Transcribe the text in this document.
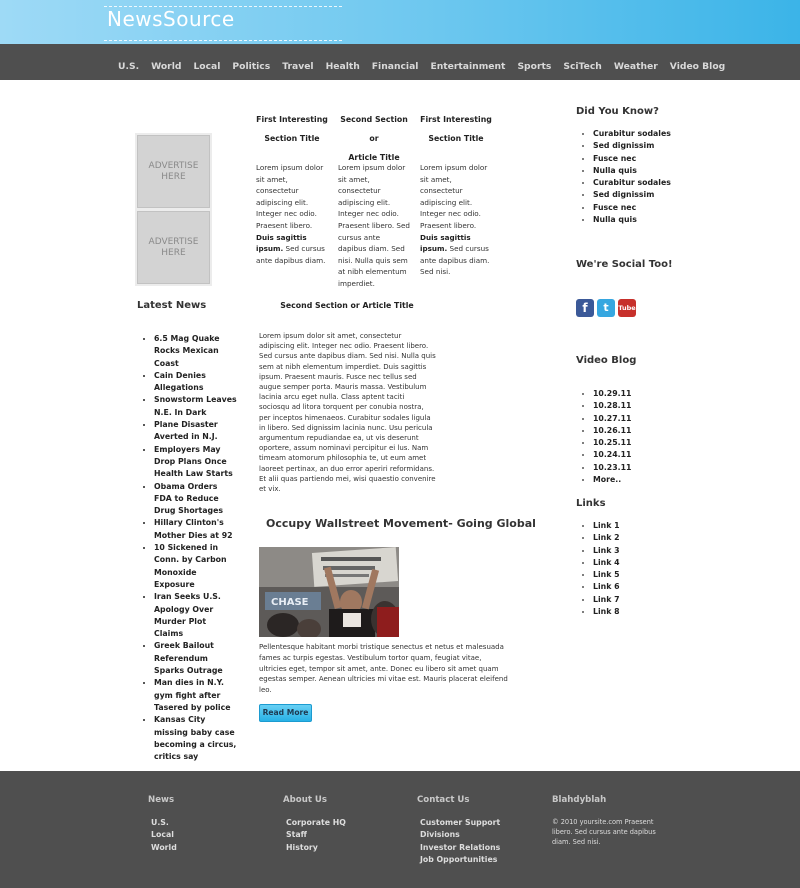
NewsSource
U.S. World Local Politics Travel Health Financial Entertainment Sports SciTech Weather Video Blog
ADVERTISE
HERE
ADVERTISE
HERE
First Interesting
Section Title
Lorem ipsum dolor sit amet, consectetur adipiscing elit. Integer nec odio. Praesent libero. Duis sagittis ipsum. Sed cursus ante dapibus diam.
Second Section or
Article Title
Lorem ipsum dolor sit amet, consectetur adipiscing elit. Integer nec odio. Praesent libero. Sed cursus ante dapibus diam. Sed nisi. Nulla quis sem at nibh elementum imperdiet.
First Interesting
Section Title
Lorem ipsum dolor sit amet, consectetur adipiscing elit. Integer nec odio. Praesent libero. Duis sagittis ipsum. Sed cursus ante dapibus diam. Sed nisi.
Latest News
• 6.5 Mag Quake Rocks Mexican Coast
• Cain Denies Allegations
• Snowstorm Leaves N.E. In Dark
• Plane Disaster Averted in N.J.
• Employers May Drop Plans Once Health Law Starts
• Obama Orders FDA to Reduce Drug Shortages
• Hillary Clinton's Mother Dies at 92
• 10 Sickened in Conn. by Carbon Monoxide Exposure
• Iran Seeks U.S. Apology Over Murder Plot Claims
• Greek Bailout Referendum Sparks Outrage
• Man dies in N.Y. gym fight after Tasered by police
• Kansas City missing baby case becoming a circus, critics say
Second Section or Article Title
Lorem ipsum dolor sit amet, consectetur adipiscing elit. Integer nec odio. Praesent libero. Sed cursus ante dapibus diam. Sed nisi. Nulla quis sem at nibh elementum imperdiet. Duis sagittis ipsum. Praesent mauris. Fusce nec tellus sed augue semper porta. Mauris massa. Vestibulum lacinia arcu eget nulla. Class aptent taciti sociosqu ad litora torquent per conubia nostra, per inceptos himenaeos. Curabitur sodales ligula in libero. Sed dignissim lacinia nunc. Usu pericula argumentum repudiandae ea, ut vis deserunt oportere, assum nominavi percipitur ei lus. Nam timeam atomorum philosophia te, ut eum amet laoreet pertinax, an duo error aperiri reformidans. Et alii quas partiendo mei, wisi quaestio convenire et vix.
Occupy Wallstreet Movement- Going Global
CHASE
Pellentesque habitant morbi tristique senectus et netus et malesuada fames ac turpis egestas. Vestibulum tortor quam, feugiat vitae, ultricies eget, tempor sit amet, ante. Donec eu libero sit amet quam egestas semper. Aenean ultricies mi vitae est. Mauris placerat eleifend leo.
Read More
Did You Know?
• Curabitur sodales
• Sed dignissim
• Fusce nec
• Nulla quis
• Curabitur sodales
• Sed dignissim
• Fusce nec
• Nulla quis
We're Social Too!
f	t	Tube
Video Blog
• 10.29.11
• 10.28.11
• 10.27.11
• 10.26.11
• 10.25.11
• 10.24.11
• 10.23.11
• More..
Links
• Link 1
• Link 2
• Link 3
• Link 4
• Link 5
• Link 6
• Link 7
• Link 8
News
U.S.
Local
World
About Us
Corporate HQ
Staff
History
Contact Us
Customer Support
Divisions
Investor Relations
Job Opportunities
Blahdyblah
© 2010 yoursite.com Praesent libero. Sed cursus ante dapibus diam. Sed nisi.
